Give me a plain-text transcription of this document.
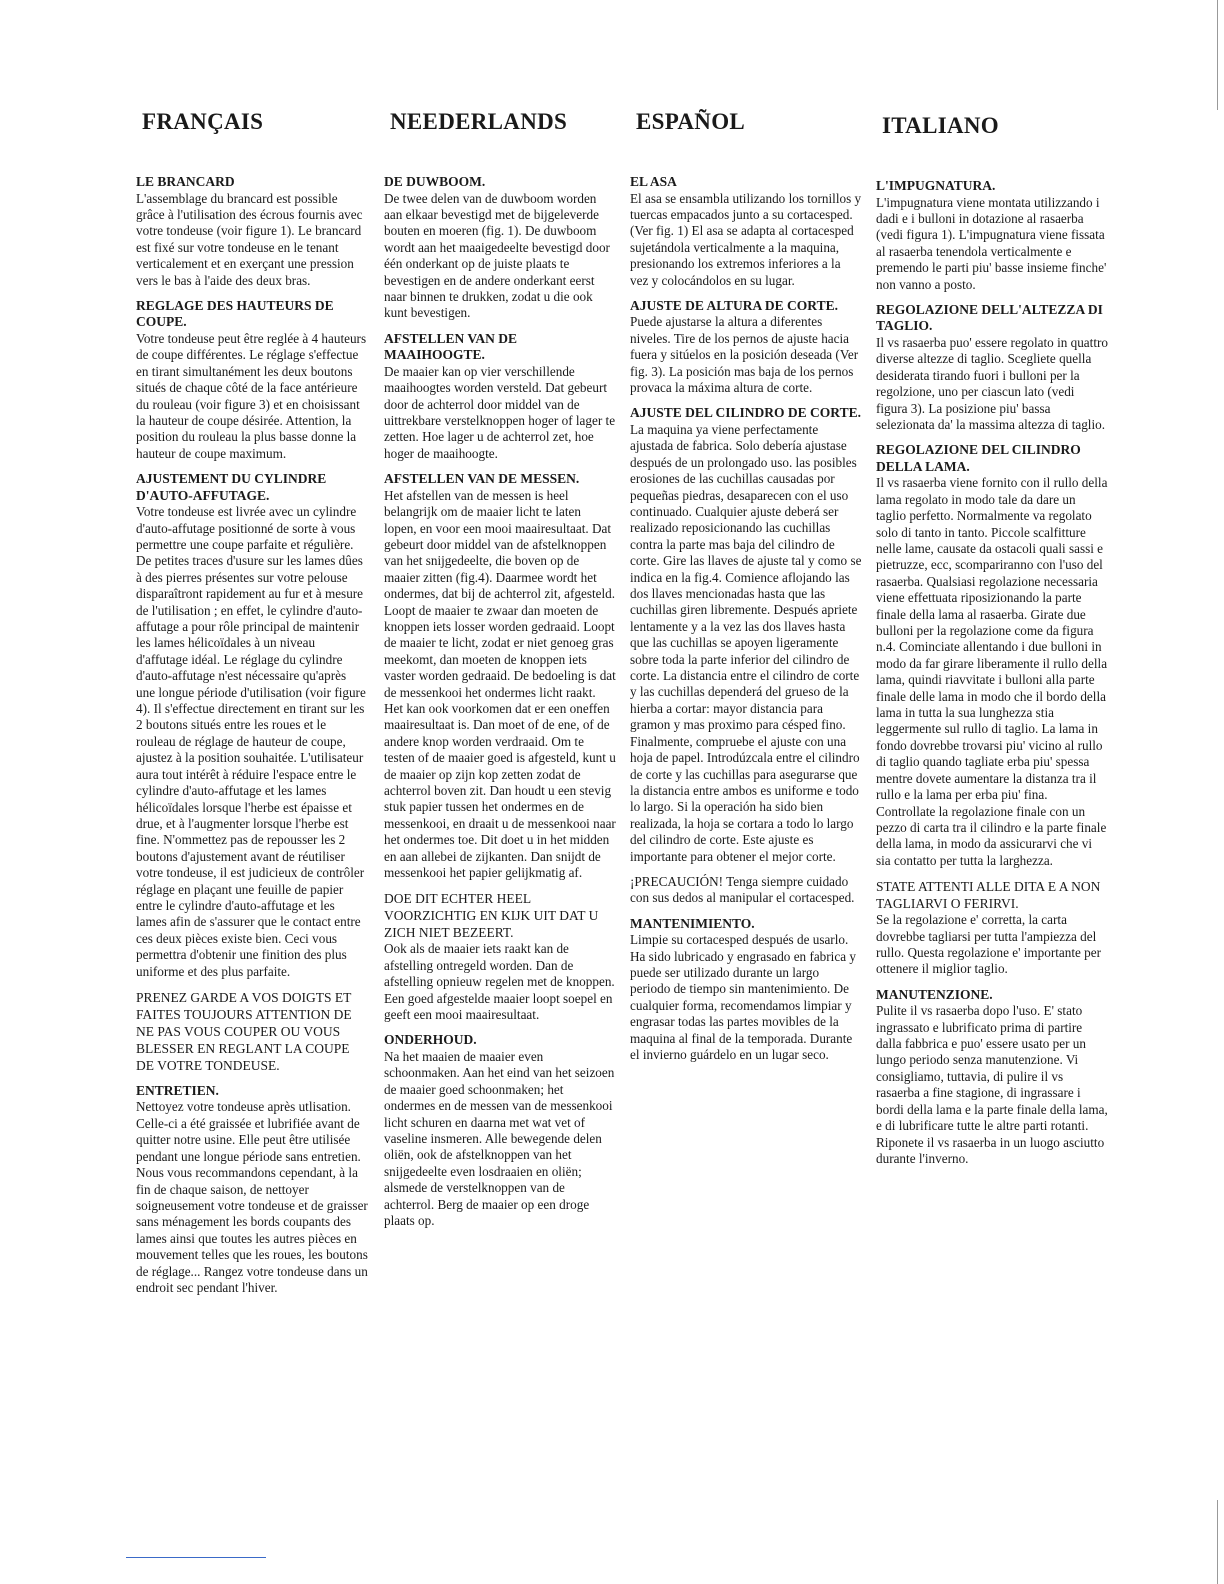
FRANÇAIS

LE BRANCARD

L'assemblage du brancard est possible grâce à l'utilisation des écrous fournis avec votre tondeuse (voir figure 1). Le brancard est fixé sur votre tondeuse en le tenant verticalement et en exerçant une pression vers le bas à l'aide des deux bras.

REGLAGE DES HAUTEURS DE COUPE.

Votre tondeuse peut être reglée à 4 hauteurs de coupe différentes. Le réglage s'effectue en tirant simultanément les deux boutons situés de chaque côté de la face antérieure du rouleau (voir figure 3) et en choisissant la hauteur de coupe désirée. Attention, la position du rouleau la plus basse donne la hauteur de coupe maximum.

AJUSTEMENT DU CYLINDRE D'AUTO-AFFUTAGE.

Votre tondeuse est livrée avec un cylindre d'auto-affutage positionné de sorte à vous permettre une coupe parfaite et régulière. De petites traces d'usure sur les lames dûes à des pierres présentes sur votre pelouse disparaîtront rapidement au fur et à mesure de l'utilisation ; en effet, le cylindre d'auto-affutage a pour rôle principal de maintenir les lames hélicoïdales à un niveau d'affutage idéal. Le réglage du cylindre d'auto-affutage n'est nécessaire qu'après une longue période d'utilisation (voir figure 4). Il s'effectue directement en tirant sur les 2 boutons situés entre les roues et le rouleau de réglage de hauteur de coupe, ajustez à la position souhaitée. L'utilisateur aura tout intérêt à réduire l'espace entre le cylindre d'auto-affutage et les lames hélicoïdales lorsque l'herbe est épaisse et drue, et à l'augmenter lorsque l'herbe est fine. N'ommettez pas de repousser les 2 boutons d'ajustement avant de réutiliser votre tondeuse, il est judicieux de contrôler réglage en plaçant une feuille de papier entre le cylindre d'auto-affutage et les lames afin de s'assurer que le contact entre ces deux pièces existe bien. Ceci vous permettra d'obtenir une finition des plus uniforme et des plus parfaite.

PRENEZ GARDE A VOS DOIGTS ET FAITES TOUJOURS ATTENTION DE NE PAS VOUS COUPER OU VOUS BLESSER EN REGLANT LA COUPE DE VOTRE TONDEUSE.

ENTRETIEN.

Nettoyez votre tondeuse après utlisation. Celle-ci a été graissée et lubrifiée avant de quitter notre usine. Elle peut être utilisée pendant une longue période sans entretien. Nous vous recommandons cependant, à la fin de chaque saison, de nettoyer soigneusement votre tondeuse et de graisser sans ménagement les bords coupants des lames ainsi que toutes les autres pièces en mouvement telles que les roues, les boutons de réglage... Rangez votre tondeuse dans un endroit sec pendant l'hiver.

NEEDERLANDS

DE DUWBOOM.

De twee delen van de duwboom worden aan elkaar bevestigd met de bijgeleverde bouten en moeren (fig. 1). De duwboom wordt aan het maaigedeelte bevestigd door één onderkant op de juiste plaats te bevestigen en de andere onderkant eerst naar binnen te drukken, zodat u die ook kunt bevestigen.

AFSTELLEN VAN DE MAAIHOOGTE.

De maaier kan op vier verschillende maaihoogtes worden versteld. Dat gebeurt door de achterrol door middel van de uittrekbare verstelknoppen hoger of lager te zetten. Hoe lager u de achterrol zet, hoe hoger de maaihoogte.

AFSTELLEN VAN DE MESSEN.

Het afstellen van de messen is heel belangrijk om de maaier licht te laten lopen, en voor een mooi maairesultaat. Dat gebeurt door middel van de afstelknoppen van het snijgedeelte, die boven op de maaier zitten (fig.4). Daarmee wordt het ondermes, dat bij de achterrol zit, afgesteld. Loopt de maaier te zwaar dan moeten de knoppen iets losser worden gedraaid. Loopt de maaier te licht, zodat er niet genoeg gras meekomt, dan moeten de knoppen iets vaster worden gedraaid. De bedoeling is dat de messenkooi het ondermes licht raakt. Het kan ook voorkomen dat er een oneffen maairesultaat is. Dan moet of de ene, of de andere knop worden verdraaid. Om te testen of de maaier goed is afgesteld, kunt u de maaier op zijn kop zetten zodat de achterrol boven zit. Dan houdt u een stevig stuk papier tussen het ondermes en de messenkooi, en draait u de messenkooi naar het ondermes toe. Dit doet u in het midden en aan allebei de zijkanten. Dan snijdt de messenkooi het papier gelijkmatig af.

DOE DIT ECHTER HEEL VOORZICHTIG EN KIJK UIT DAT U ZICH NIET BEZEERT.

Ook als de maaier iets raakt kan de afstelling ontregeld worden. Dan de afstelling opnieuw regelen met de knoppen. Een goed afgestelde maaier loopt soepel en geeft een mooi maairesultaat.

ONDERHOUD.

Na het maaien de maaier even schoonmaken. Aan het eind van het seizoen de maaier goed schoonmaken; het ondermes en de messen van de messenkooi licht schuren en daarna met wat vet of vaseline insmeren. Alle bewegende delen oliën, ook de afstelknoppen van het snijgedeelte even losdraaien en oliën; alsmede de verstelknoppen van de achterrol. Berg de maaier op een droge plaats op.

ESPAÑOL

EL ASA

El asa se ensambla utilizando los tornillos y tuercas empacados junto a su cortacesped. (Ver fig. 1) El asa se adapta al cortacesped sujetándola verticalmente a la maquina, presionando los extremos inferiores a la vez y colocándolos en su lugar.

AJUSTE DE ALTURA DE CORTE.

Puede ajustarse la altura a diferentes niveles. Tire de los pernos de ajuste hacia fuera y sitúelos en la posición deseada (Ver fig. 3). La posición mas baja de los pernos provaca la máxima altura de corte.

AJUSTE DEL CILINDRO DE CORTE.

La maquina ya viene perfectamente ajustada de fabrica. Solo debería ajustase después de un prolongado uso. las posibles erosiones de las cuchillas causadas por pequeñas piedras, desaparecen con el uso continuado. Cualquier ajuste deberá ser realizado reposicionando las cuchillas contra la parte mas baja del cilindro de corte. Gire las llaves de ajuste tal y como se indica en la fig.4. Comience aflojando las dos llaves mencionadas hasta que las cuchillas giren libremente. Después apriete lentamente y a la vez las dos llaves hasta que las cuchillas se apoyen ligeramente sobre toda la parte inferior del cilindro de corte. La distancia entre el cilindro de corte y las cuchillas dependerá del grueso de la hierba a cortar: mayor distancia para gramon y mas proximo para césped fino. Finalmente, compruebe el ajuste con una hoja de papel. Introdúzcala entre el cilindro de corte y las cuchillas para asegurarse que la distancia entre ambos es uniforme e todo lo largo. Si la operación ha sido bien realizada, la hoja se cortara a todo lo largo del cilindro de corte. Este ajuste es importante para obtener el mejor corte.

¡PRECAUCIÓN! Tenga siempre cuidado con sus dedos al manipular el cortacesped.

MANTENIMIENTO.

Limpie su cortacesped después de usarlo. Ha sido lubricado y engrasado en fabrica y puede ser utilizado durante un largo periodo de tiempo sin mantenimiento. De cualquier forma, recomendamos limpiar y engrasar todas las partes movibles de la maquina al final de la temporada. Durante el invierno guárdelo en un lugar seco.

ITALIANO

L'IMPUGNATURA.

L'impugnatura viene montata utilizzando i dadi e i bulloni in dotazione al rasaerba (vedi figura 1). L'impugnatura viene fissata al rasaerba tenendola verticalmente e premendo le parti piu' basse insieme finche' non vanno a posto.

REGOLAZIONE DELL'ALTEZZA DI TAGLIO.

Il vs rasaerba puo' essere regolato in quattro diverse altezze di taglio. Scegliete quella desiderata tirando fuori i bulloni per la regolzione, uno per ciascun lato (vedi figura 3). La posizione piu' bassa selezionata da' la massima altezza di taglio.

REGOLAZIONE DEL CILINDRO DELLA LAMA.

Il vs rasaerba viene fornito con il rullo della lama regolato in modo tale da dare un taglio perfetto. Normalmente va regolato solo di tanto in tanto. Piccole scalfitture nelle lame, causate da ostacoli quali sassi e pietruzze, ecc, scompariranno con l'uso del rasaerba. Qualsiasi regolazione necessaria viene effettuata riposizionando la parte finale della lama al rasaerba. Girate due bulloni per la regolazione come da figura n.4. Cominciate allentando i due bulloni in modo da far girare liberamente il rullo della lama, quindi riavvitate i bulloni alla parte finale delle lama in modo che il bordo della lama in tutta la sua lunghezza stia leggermente sul rullo di taglio. La lama in fondo dovrebbe trovarsi piu' vicino al rullo di taglio quando tagliate erba piu' spessa mentre dovete aumentare la distanza tra il rullo e la lama per erba piu' fina. Controllate la regolazione finale con un pezzo di carta tra il cilindro e la parte finale della lama, in modo da assicurarvi che vi sia contatto per tutta la larghezza.

STATE ATTENTI ALLE DITA E A NON TAGLIARVI O FERIRVI.

Se la regolazione e' corretta, la carta dovrebbe tagliarsi per tutta l'ampiezza del rullo. Questa regolazione e' importante per ottenere il miglior taglio.

MANUTENZIONE.

Pulite il vs rasaerba dopo l'uso. E' stato ingrassato e lubrificato prima di partire dalla fabbrica e puo' essere usato per un lungo periodo senza manutenzione. Vi consigliamo, tuttavia, di pulire il vs rasaerba a fine stagione, di ingrassare i bordi della lama e la parte finale della lama, e di lubrificare tutte le altre parti rotanti. Riponete il vs rasaerba in un luogo asciutto durante l'inverno.
